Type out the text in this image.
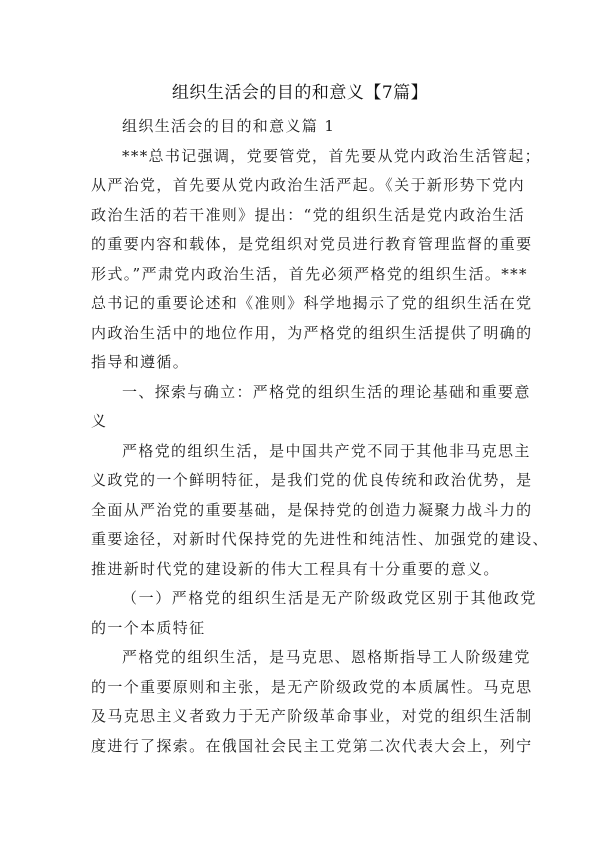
组织生活会的目的和意义【7篇】
组织生活会的目的和意义篇 1
***总书记强调，党要管党，首先要从党内政治生活管起；
从严治党，首先要从党内政治生活严起。《关于新形势下党内
政治生活的若干准则》提出：“党的组织生活是党内政治生活
的重要内容和载体，是党组织对党员进行教育管理监督的重要
形式。”严肃党内政治生活，首先必须严格党的组织生活。***
总书记的重要论述和《准则》科学地揭示了党的组织生活在党
内政治生活中的地位作用，为严格党的组织生活提供了明确的
指导和遵循。
一、探索与确立：严格党的组织生活的理论基础和重要意
义
严格党的组织生活，是中国共产党不同于其他非马克思主
义政党的一个鲜明特征，是我们党的优良传统和政治优势，是
全面从严治党的重要基础，是保持党的创造力凝聚力战斗力的
重要途径，对新时代保持党的先进性和纯洁性、加强党的建设、
推进新时代党的建设新的伟大工程具有十分重要的意义。
（一）严格党的组织生活是无产阶级政党区别于其他政党
的一个本质特征
严格党的组织生活，是马克思、恩格斯指导工人阶级建党
的一个重要原则和主张，是无产阶级政党的本质属性。马克思
及马克思主义者致力于无产阶级革命事业，对党的组织生活制
度进行了探索。在俄国社会民主工党第二次代表大会上，列宁
